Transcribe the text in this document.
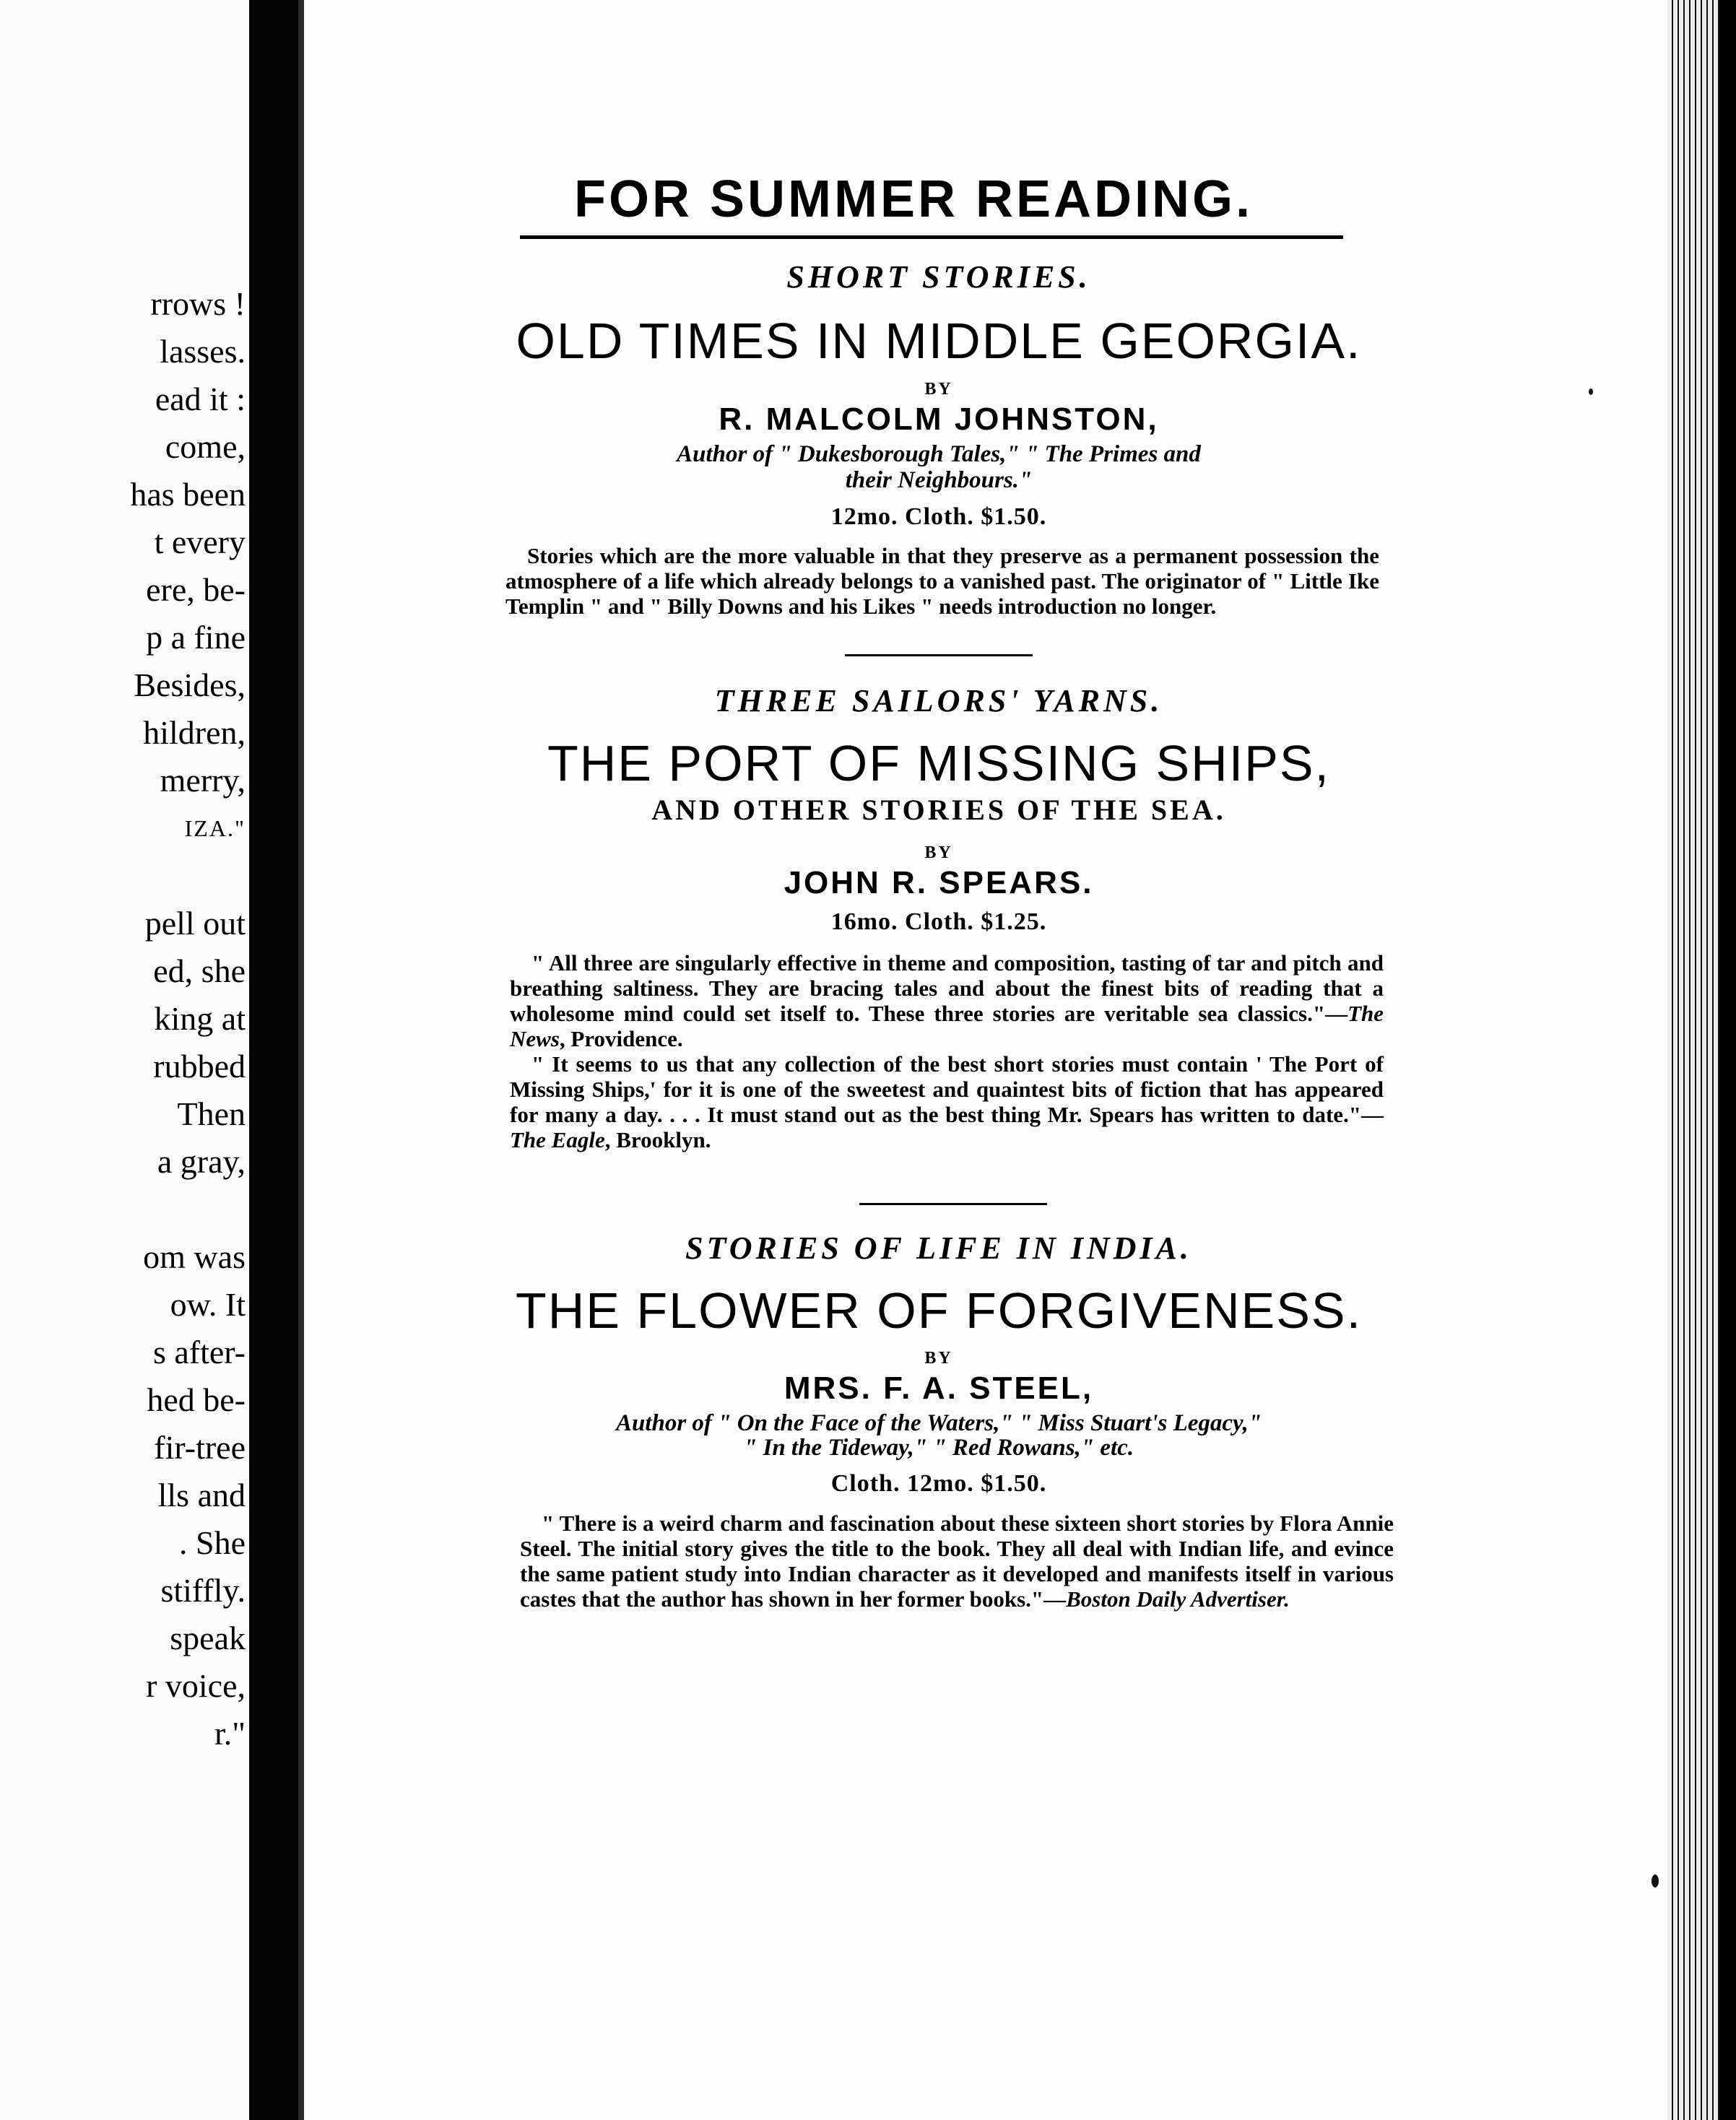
rrows !
lasses.
ead it :
come,
has been
t every
ere, be-
p a fine
Besides,
hildren,
merry,
IZA."
pell out
ed, she
king at
rubbed
Then
a gray,
om was
ow. It
s after-
hed be-
fir-tree
lls and
. She
stiffly.
speak
r voice,
r."
FOR SUMMER READING.
SHORT STORIES.
OLD TIMES IN MIDDLE GEORGIA.
BY
R. MALCOLM JOHNSTON,
Author of " Dukesborough Tales," " The Primes and
their Neighbours."
12mo. Cloth. $1.50.

Stories which are the more valuable in that they preserve as a permanent possession the atmosphere of a life which already belongs to a vanished past. The originator of " Little Ike Templin " and " Billy Downs and his Likes " needs introduction no longer.

THREE SAILORS' YARNS.
THE PORT OF MISSING SHIPS,
AND OTHER STORIES OF THE SEA.
BY
JOHN R. SPEARS.
16mo. Cloth. $1.25.

" All three are singularly effective in theme and composition, tasting of tar and pitch and breathing saltiness. They are bracing tales and about the finest bits of reading that a wholesome mind could set itself to. These three stories are veritable sea classics."—The News, Providence.

" It seems to us that any collection of the best short stories must contain ' The Port of Missing Ships,' for it is one of the sweetest and quaintest bits of fiction that has appeared for many a day. . . . It must stand out as the best thing Mr. Spears has written to date."—The Eagle, Brooklyn.

STORIES OF LIFE IN INDIA.
THE FLOWER OF FORGIVENESS.
BY
MRS. F. A. STEEL,
Author of " On the Face of the Waters," " Miss Stuart's Legacy,"
" In the Tideway," " Red Rowans," etc.
Cloth. 12mo. $1.50.

" There is a weird charm and fascination about these sixteen short stories by Flora Annie Steel. The initial story gives the title to the book. They all deal with Indian life, and evince the same patient study into Indian character as it developed and manifests itself in various castes that the author has shown in her former books."—Boston Daily Advertiser.
